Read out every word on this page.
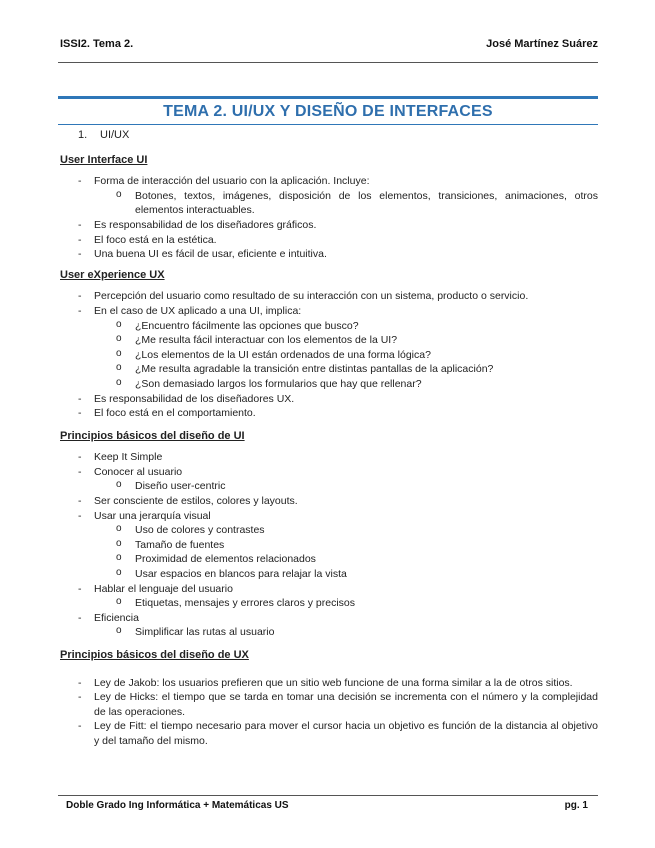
ISSI2. Tema 2.	José Martínez Suárez
TEMA 2. UI/UX Y DISEÑO DE INTERFACES
1. UI/UX
User Interface UI
- Forma de interacción del usuario con la aplicación. Incluye:
o Botones, textos, imágenes, disposición de los elementos, transiciones, animaciones, otros elementos interactuables.
- Es responsabilidad de los diseñadores gráficos.
- El foco está en la estética.
- Una buena UI es fácil de usar, eficiente e intuitiva.
User eXperience UX
- Percepción del usuario como resultado de su interacción con un sistema, producto o servicio.
- En el caso de UX aplicado a una UI, implica:
o ¿Encuentro fácilmente las opciones que busco?
o ¿Me resulta fácil interactuar con los elementos de la UI?
o ¿Los elementos de la UI están ordenados de una forma lógica?
o ¿Me resulta agradable la transición entre distintas pantallas de la aplicación?
o ¿Son demasiado largos los formularios que hay que rellenar?
- Es responsabilidad de los diseñadores UX.
- El foco está en el comportamiento.
Principios básicos del diseño de UI
- Keep It Simple
- Conocer al usuario
o Diseño user-centric
- Ser consciente de estilos, colores y layouts.
- Usar una jerarquía visual
o Uso de colores y contrastes
o Tamaño de fuentes
o Proximidad de elementos relacionados
o Usar espacios en blancos para relajar la vista
- Hablar el lenguaje del usuario
o Etiquetas, mensajes y errores claros y precisos
- Eficiencia
o Simplificar las rutas al usuario
Principios básicos del diseño de UX
- Ley de Jakob: los usuarios prefieren que un sitio web funcione de una forma similar a la de otros sitios.
- Ley de Hicks: el tiempo que se tarda en tomar una decisión se incrementa con el número y la complejidad de las operaciones.
- Ley de Fitt: el tiempo necesario para mover el cursor hacia un objetivo es función de la distancia al objetivo y del tamaño del mismo.
Doble Grado Ing Informática + Matemáticas US	pg. 1
